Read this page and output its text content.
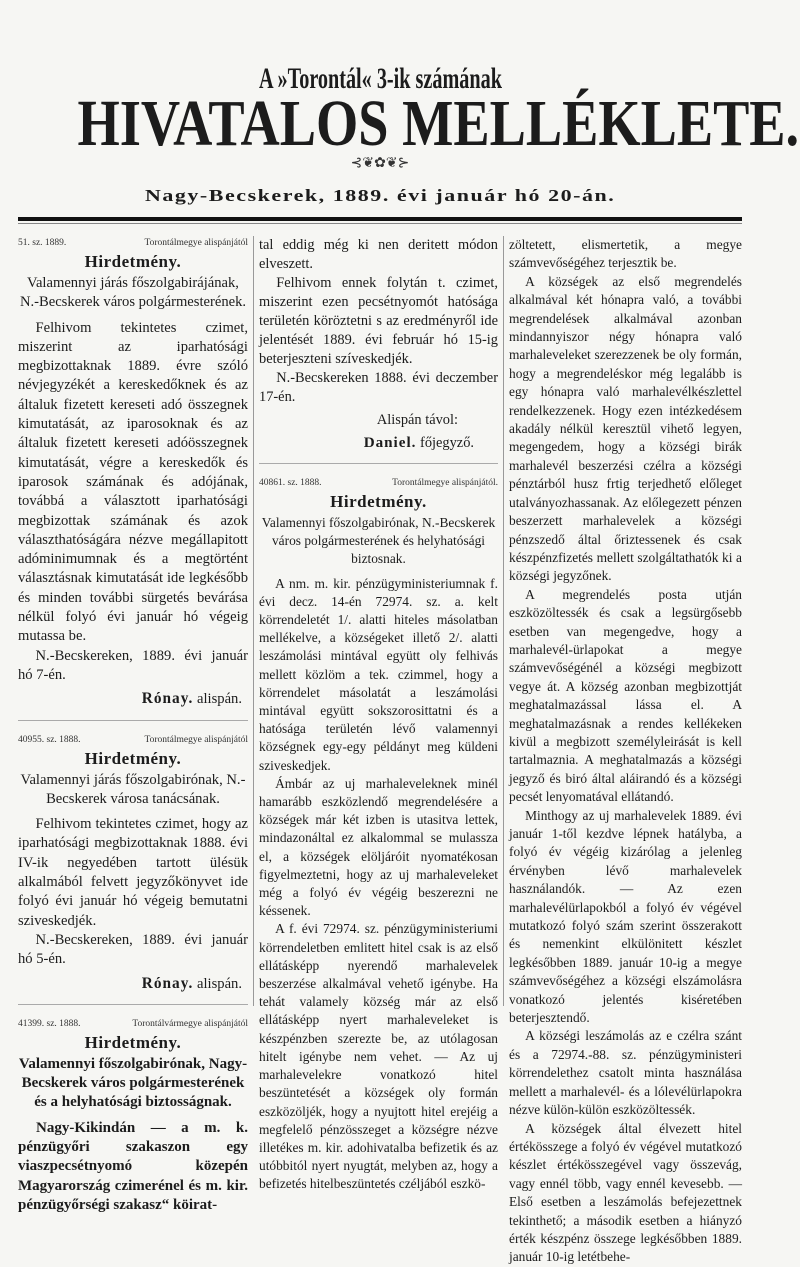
A »Torontál« 3-ik számának
HIVATALOS MELLÉKLETE.
⊰❦✿❦⊱
Nagy-Becskerek, 1889. évi január hó 20-án.
51. sz. 1889.	Torontálmegye alispánjától
Hirdetmény.

Valamennyi járás főszolgabirájának, N.-Becskerek város polgármesterének.

Felhivom tekintetes czimet, miszerint az iparhatósági megbizottaknak 1889. évre szóló névjegyzékét a kereskedőknek és az általuk fizetett kereseti adó összegnek kimutatását, az iparosoknak és az általuk fizetett kereseti adóösszegnek kimutatását, végre a kereskedők és iparosok számának és adójának, továbbá a választott iparhatósági megbizottak számának és azok választhatóságára nézve megállapitott adóminimumnak és a megtörtént választásnak kimutatását ide legkésőbb és minden további sürgetés bevárása nélkül folyó évi január hó végeig mutassa be.

N.-Becskereken, 1889. évi január hó 7-én.

Rónay. alispán.
40955. sz. 1888.	Torontálmegye alispánjától
Hirdetmény.

Valamennyi járás főszolgabirónak, N.-Becskerek városa tanácsának.

Felhivom tekintetes czimet, hogy az iparhatósági megbizottaknak 1888. évi IV-ik negyedében tartott ülésük alkalmából felvett jegyzőkönyvet ide folyó évi január hó végeig bemutatni sziveskedjék.

N.-Becskereken, 1889. évi január hó 5-én.

Rónay. alispán.
41399. sz. 1888.	Torontálvármegye alispánjától
Hirdetmény.

Valamennyi főszolgabirónak, Nagy-Becskerek város polgármesterének és a helyhatósági biztosságnak.

Nagy-Kikindán — a m. k. pénzügyőri szakaszon egy viaszpecsétnyomó közepén Magyarország czimerénel és m. kir. pénzügyőrségi szakasz“ köirat-

tal eddig még ki nen deritett módon elveszett.

Felhivom ennek folytán t. czimet, miszerint ezen pecsétnyomót hatósága területén köröztetni s az eredményről ide jelentését 1889. évi február hó 15-ig beterjeszteni szíveskedjék.

N.-Becskereken 1888. évi deczember 17-én.

Alispán távol:

Daniel. főjegyző.
40861. sz. 1888.	Torontálmegye alispánjától.
Hirdetmény.

Valamennyi főszolgabirónak, N.-Becskerek város polgármesterének és helyhatósági biztosnak.

A nm. m. kir. pénzügyministeriumnak f. évi decz. 14-én 72974. sz. a. kelt körrendeletét 1/. alatti hiteles másolatban mellékelve, a községeket illető 2/. alatti leszámolási mintával együtt oly felhivás mellett közlöm a tek. czimmel, hogy a körrendelet másolatát a leszámolási mintával együtt sokszorosittatni és a hatósága területén lévő valamennyi községnek egy-egy példányt meg küldeni sziveskedjek.

Ámbár az uj marhaleveleknek minél hamarább eszközlendő megrendelésére a községek már két izben is utasitva lettek, mindazonáltal ez alkalommal se mulassza el, a községek elöljáróit nyomatékosan figyelmeztetni, hogy az uj marhaleveleket még a folyó év végéig beszerezni ne késsenek.

A f. évi 72974. sz. pénzügyministeriumi körrendeletben emlitett hitel csak is az első ellátásképp nyerendő marhalevelek beszerzése alkalmával vehető igénybe. Ha tehát valamely község már az első ellátásképp nyert marhaleveleket is készpénzben szerezte be, az utólagosan hitelt igénybe nem vehet. — Az uj marhalevelekre vonatkozó hitel beszüntetését a községek oly formán eszközöljék, hogy a nyujtott hitel erejéig a megfelelő pénzösszeget a községre nézve illetékes m. kir. adohivatalba befizetik és az utóbbitól nyert nyugtát, melyben az, hogy a befizetés hitelbeszüntetés czéljából eszkö-

zöltetett, elismertetik, a megye számvevőségéhez terjesztik be.

A községek az első megrendelés alkalmával két hónapra való, a további megrendelések alkalmával azonban mindannyiszor négy hónapra való marhaleveleket szerezzenek be oly formán, hogy a megrendeléskor még legalább is egy hónapra való marhalevélkészlettel rendelkezzenek. Hogy ezen intézkedésem akadály nélkül keresztül vihető legyen, megengedem, hogy a községi birák marhalevél beszerzési czélra a községi pénztárból husz frtig terjedhető előleget utalványozhassanak. Az előlegezett pénzen beszerzett marhalevelek a községi pénzszedő által őriztessenek és csak készpénzfizetés mellett szolgáltathatók ki a községi jegyzőnek.

A megrendelés posta utján eszközöltessék és csak a legsürgősebb esetben van megengedve, hogy a marhalevél-ürlapokat a megye számvevőségénél a községi megbizott vegye át. A község azonban megbizottját meghatalmazással lássa el. A meghatalmazásnak a rendes kellékeken kivül a megbizott személyleirását is kell tartalmaznia. A meghatalmazás a községi jegyző és biró által aláirandó és a községi pecsét lenyomatával ellátandó.

Minthogy az uj marhalevelek 1889. évi január 1-től kezdve lépnek hatályba, a folyó év végéig kizárólag a jelenleg érvényben lévő marhalevelek használandók. — Az ezen marhalevélürlapokból a folyó év végével mutatkozó folyó szám szerint összerakott és nemenkint elkülönitett készlet legkésőbben 1889. január 10-ig a megye számvevőségéhez a községi elszámolásra vonatkozó jelentés kiséretében beterjesztendő.

A községi leszámolás az e czélra szánt és a 72974.-88. sz. pénzügyministeri körrendelethez csatolt minta használása mellett a marhalevél- és a lólevélürlapokra nézve külön-külön eszközöltessék.

A községek által élvezett hitel értékösszege a folyó év végével mutatkozó készlet értékösszegével vagy összevág, vagy ennél több, vagy ennél kevesebb. — Első esetben a leszámolás befejezettnek tekinthető; a második esetben a hiányzó érték készpénz összege legkésőbben 1889. január 10-ig letétbehe-
